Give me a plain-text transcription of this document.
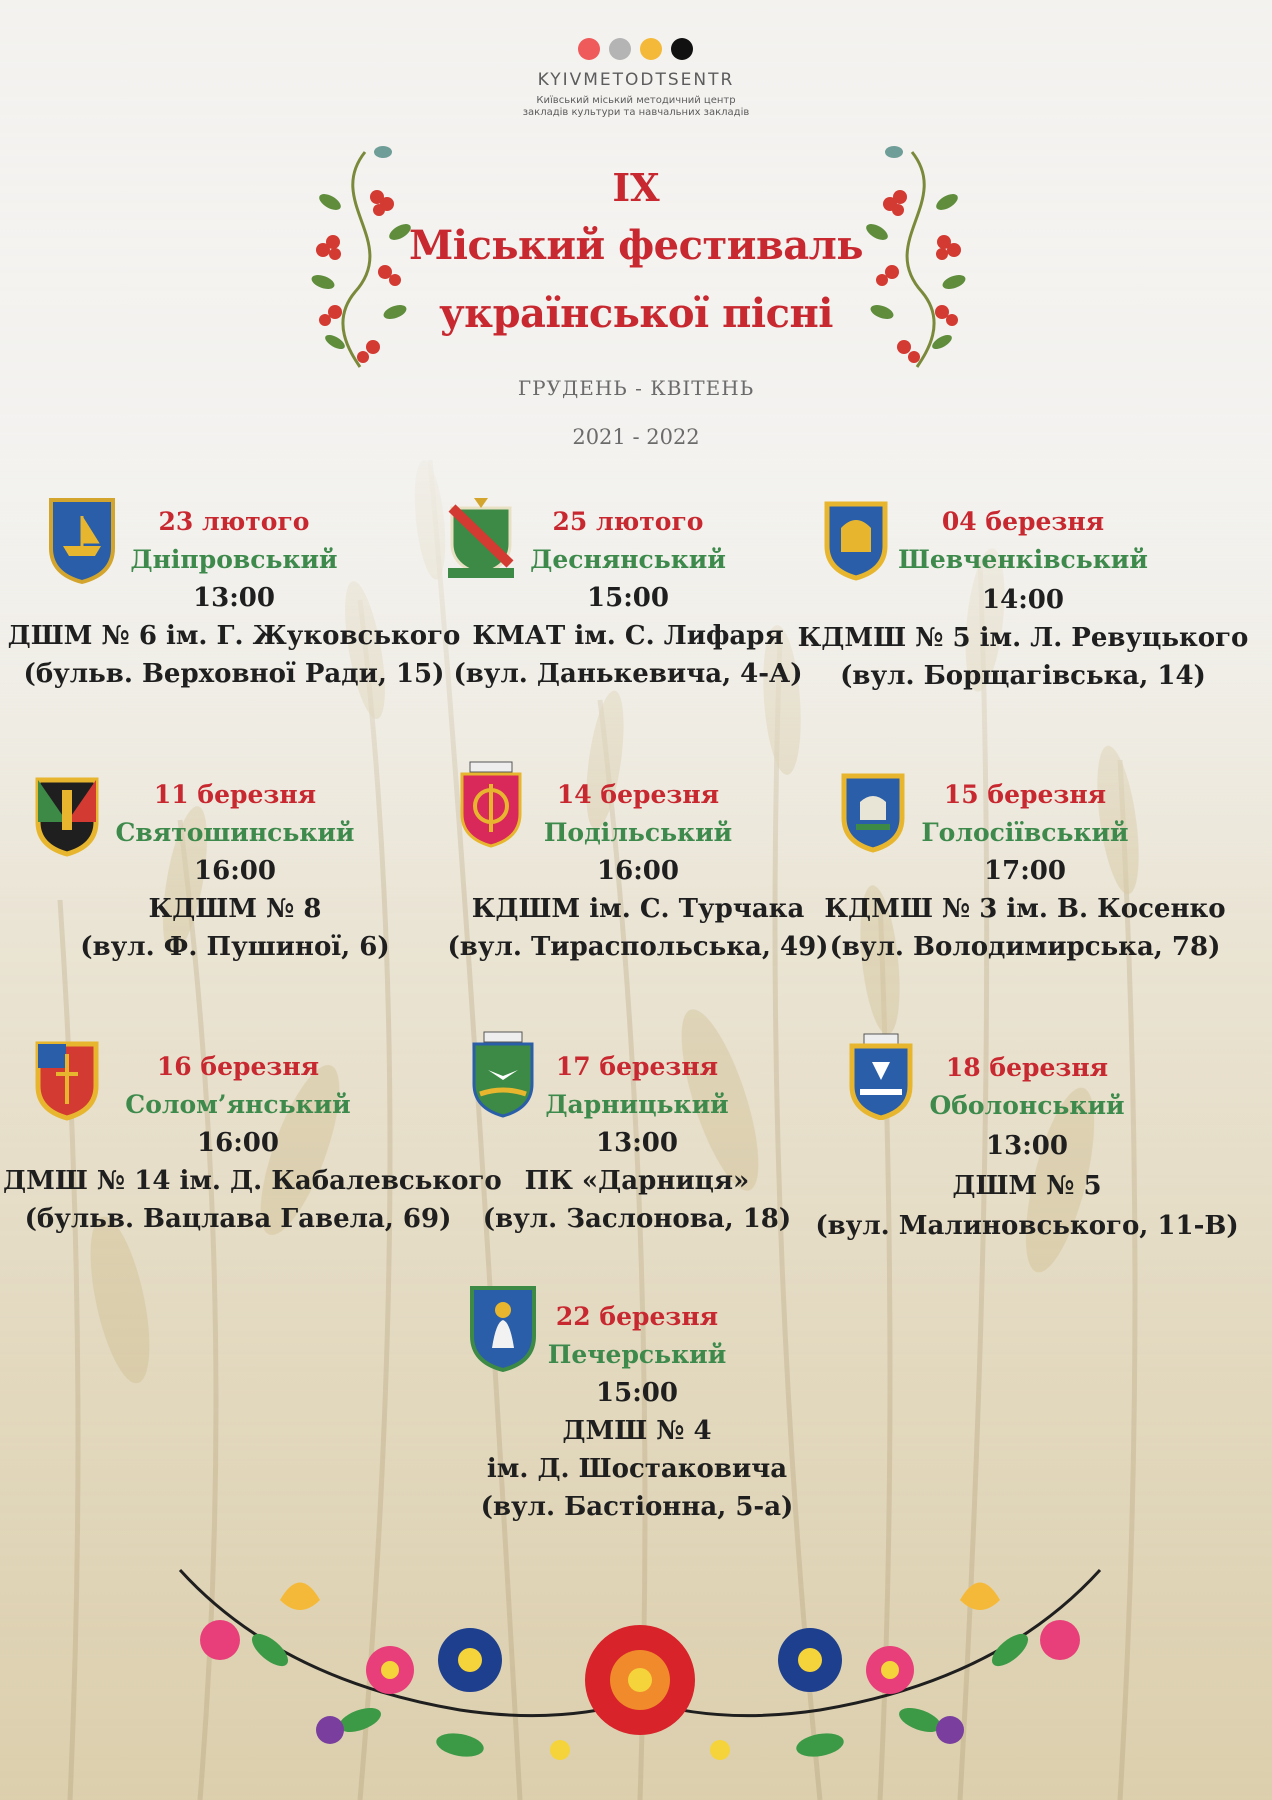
KYIVMETODTSENTR
Київський міський методичний центр
закладів культури та навчальних закладів
IX
Міський фестиваль
української пісні
ГРУДЕНЬ - КВІТЕНЬ
2021 - 2022
23 лютого
Дніпровський
13:00
ДШМ № 6 ім. Г. Жуковського
(бульв. Верховної Ради, 15)
25 лютого
Деснянський
15:00
КМАТ ім. С. Лифаря
(вул. Данькевича, 4-А)
04 березня
Шевченківський
14:00
КДМШ № 5 ім. Л. Ревуцького
(вул. Борщагівська, 14)
11 березня
Святошинський
16:00
КДШМ № 8
(вул. Ф. Пушиної, 6)
14 березня
Подільський
16:00
КДШМ ім. С. Турчака
(вул. Тираспольська, 49)
15 березня
Голосіївський
17:00
КДМШ № 3 ім. В. Косенко
(вул. Володимирська, 78)
16 березня
Солом’янський
16:00
ДМШ № 14 ім. Д. Кабалевського
(бульв. Вацлава Гавела, 69)
17 березня
Дарницький
13:00
ПК «Дарниця»
(вул. Заслонова, 18)
18 березня
Оболонський
13:00
ДШМ № 5
(вул. Малиновського, 11-В)
22 березня
Печерський
15:00
ДМШ № 4
ім. Д. Шостаковича
(вул. Бастіонна, 5-а)
